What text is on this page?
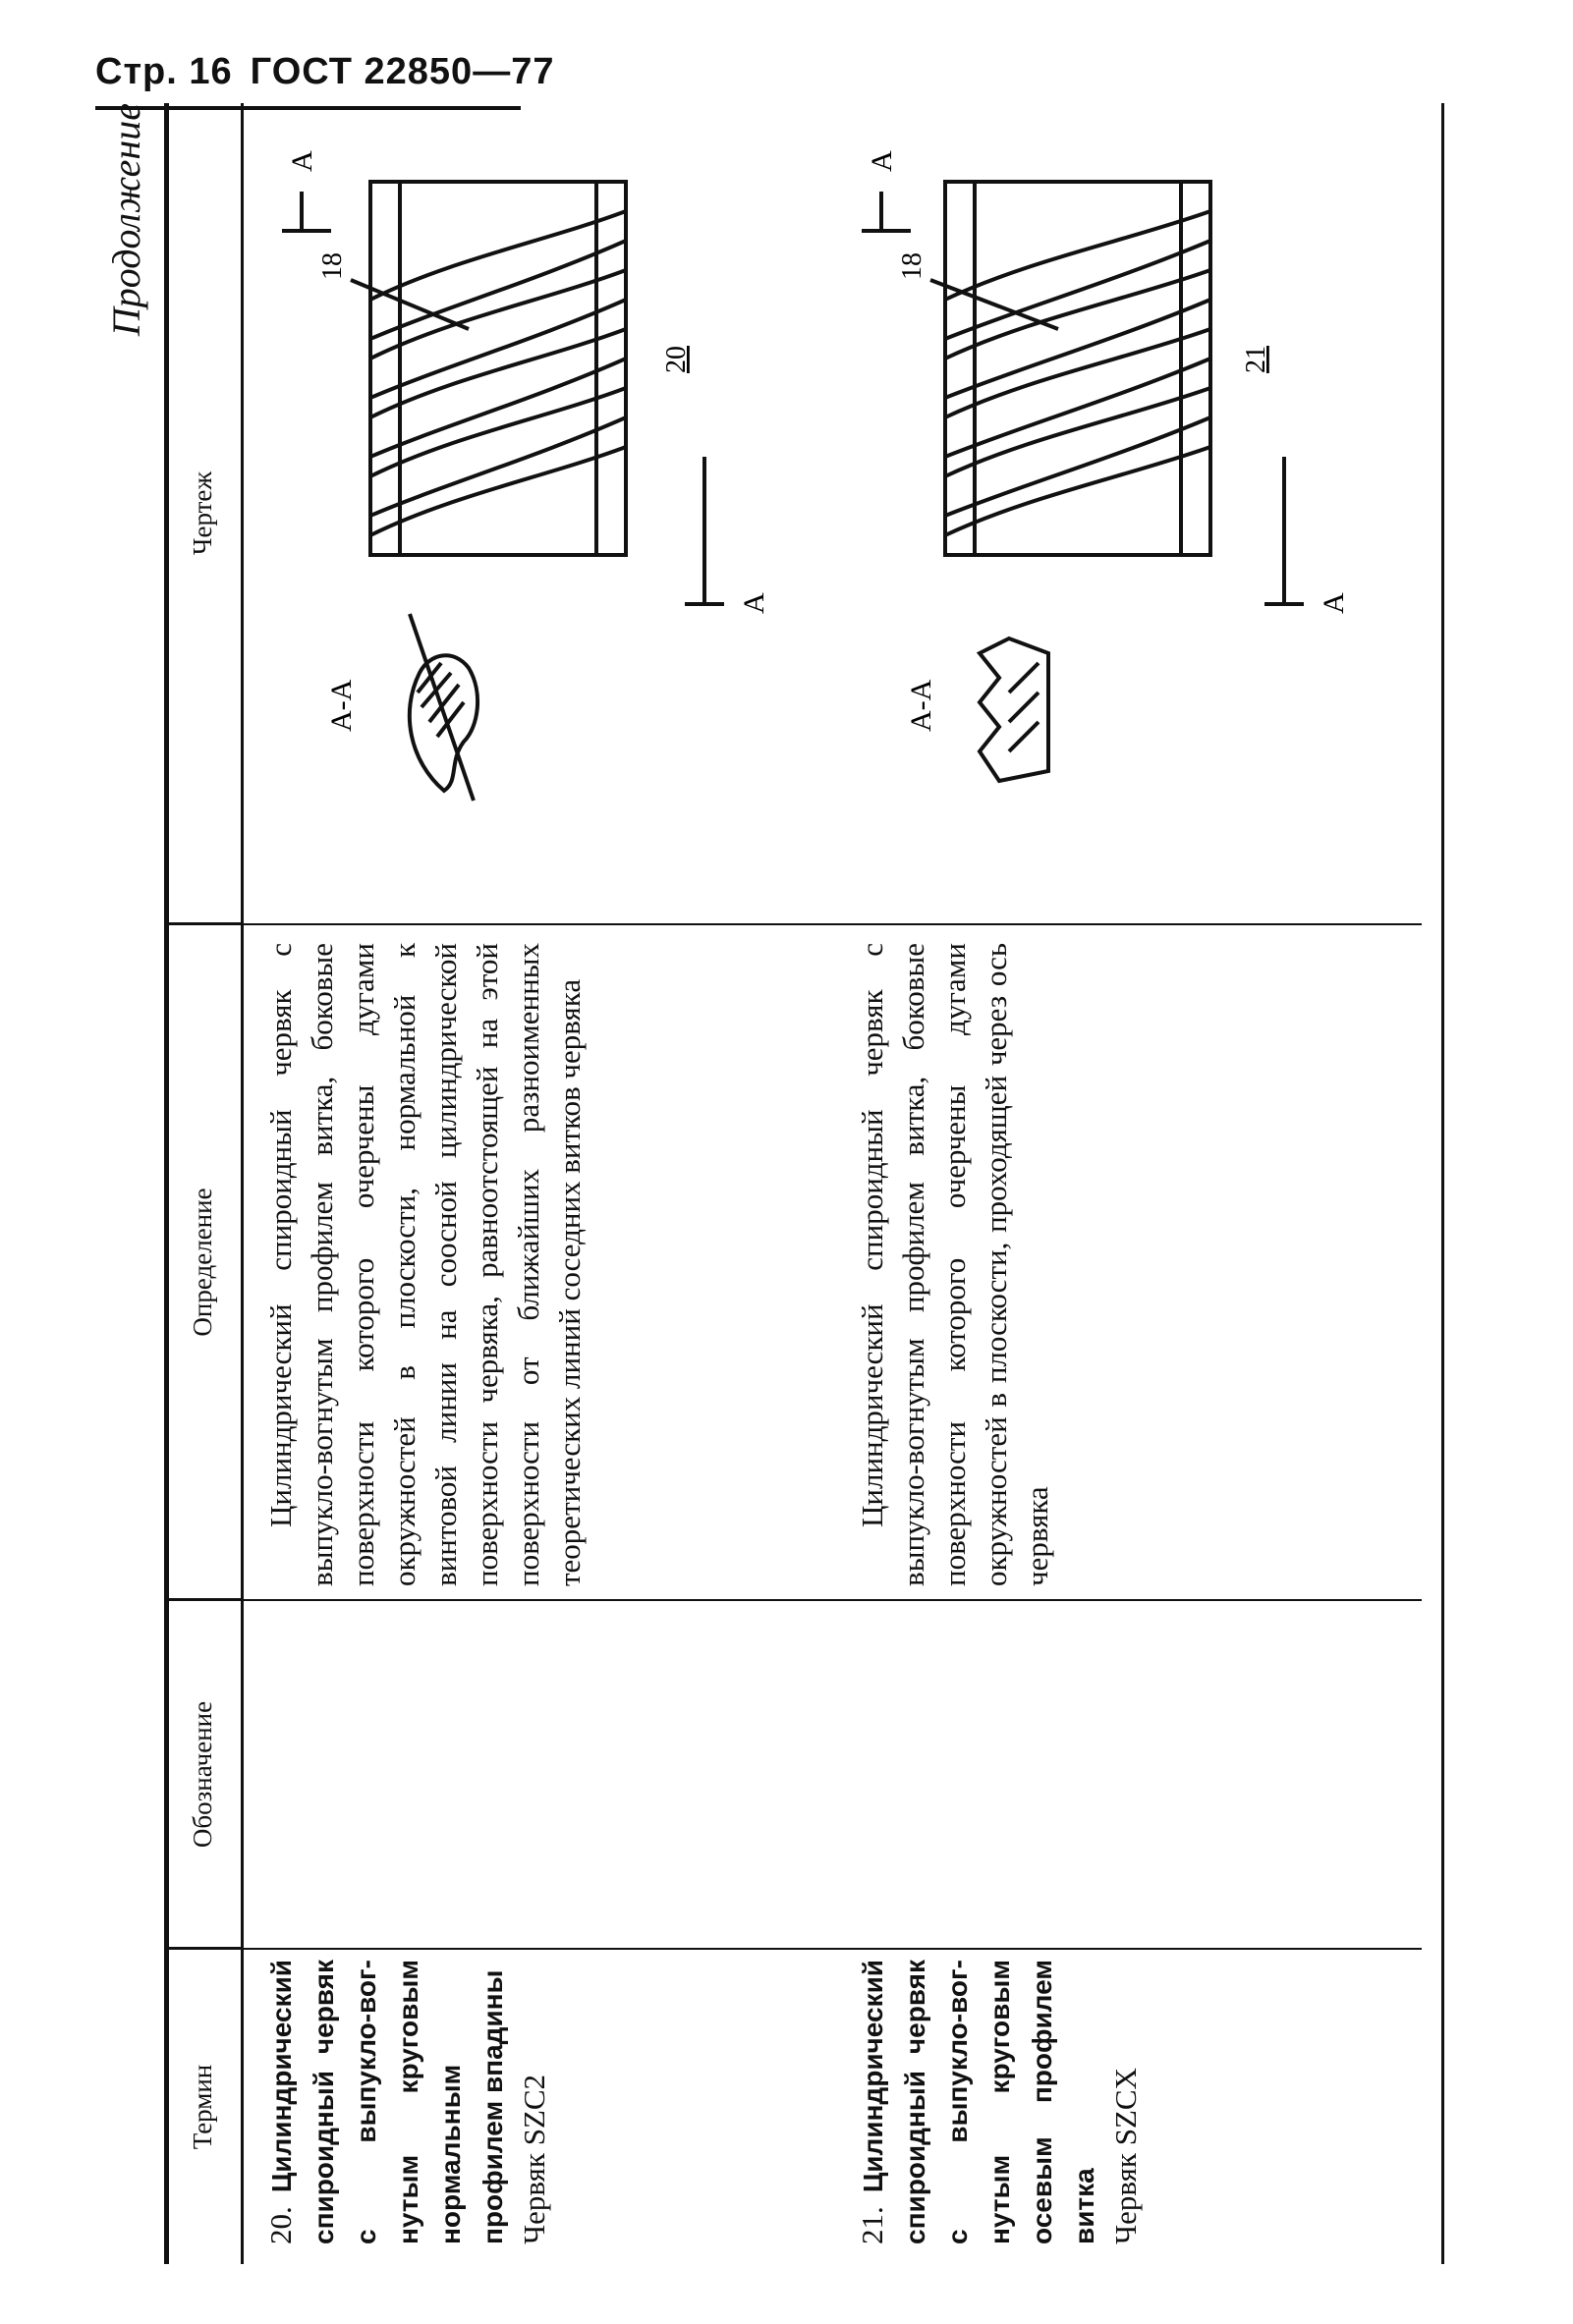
Стр. 16 ГОСТ 22850—77
Продолжение
Термин
Обозначение
Определение
Чертеж

20. Цилиндрический спироидный червяк с выпукло-вогнутым круговым нормальным профилем впадины Червяк SZC2

Цилиндрический спироидный червяк с выпукло-вогнутым профилем витка, боковые поверхности которого очерчены дугами окружностей в плоскости, нормальной к винтовой линии на соосной цилиндрической поверхности червяка, равноотстоящей на этой поверхности от ближайших разноименных теоретических линий соседних витков червяка
А-А
А
А
18
20

21. Цилиндрический спироидный червяк с выпукло-вогнутым круговым осевым профилем витка Червяк SZCX

Цилиндрический спироидный червяк с выпукло-вогнутым профилем витка, боковые поверхности которого очерчены дугами окружностей в плоскости, проходящей через ось червяка
А-А
А
А
18
21
